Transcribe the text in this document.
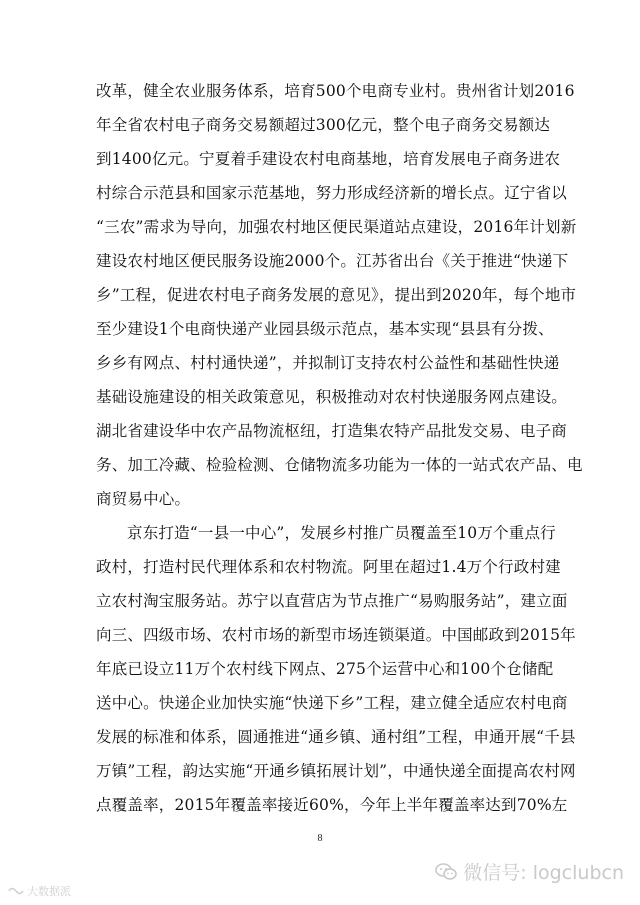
改革，健全农业服务体系，培育500个电商专业村。贵州省计划2016
年全省农村电子商务交易额超过300亿元，整个电子商务交易额达
到1400亿元。宁夏着手建设农村电商基地，培育发展电子商务进农
村综合示范县和国家示范基地，努力形成经济新的增长点。辽宁省以
“三农”需求为导向，加强农村地区便民渠道站点建设，2016年计划新
建设农村地区便民服务设施2000个。江苏省出台《关于推进“快递下
乡”工程，促进农村电子商务发展的意见》，提出到2020年，每个地市
至少建设1个电商快递产业园县级示范点，基本实现“县县有分拨、
乡乡有网点、村村通快递”，并拟制订支持农村公益性和基础性快递
基础设施建设的相关政策意见，积极推动对农村快递服务网点建设。
湖北省建设华中农产品物流枢纽，打造集农特产品批发交易、电子商
务、加工冷藏、检验检测、仓储物流多功能为一体的一站式农产品、电
商贸易中心。

京东打造“一县一中心”，发展乡村推广员覆盖至10万个重点行
政村，打造村民代理体系和农村物流。阿里在超过1.4万个行政村建
立农村淘宝服务站。苏宁以直营店为节点推广“易购服务站”，建立面
向三、四级市场、农村市场的新型市场连锁渠道。中国邮政到2015年
年底已设立11万个农村线下网点、275个运营中心和100个仓储配
送中心。快递企业加快实施“快递下乡”工程，建立健全适应农村电商
发展的标准和体系，圆通推进“通乡镇、通村组”工程，申通开展“千县
万镇”工程，韵达实施“开通乡镇拓展计划”，中通快递全面提高农村网
点覆盖率，2015年覆盖率接近60%，今年上半年覆盖率达到70%左

8
微信号: logclubcn
大数据派
